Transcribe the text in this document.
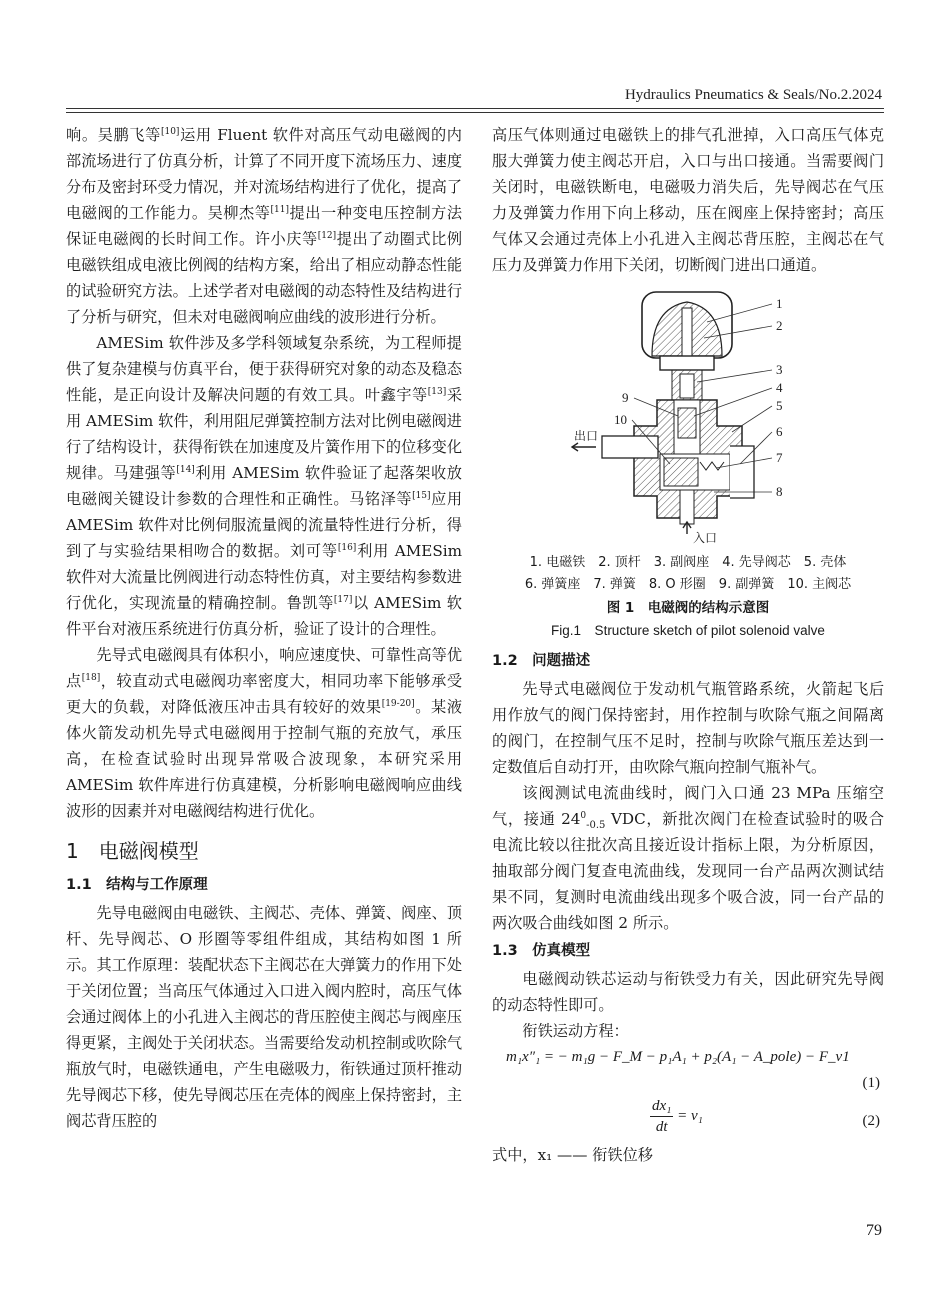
Hydraulics Pneumatics & Seals/No.2.2024

响。吴鹏飞等[10]运用 Fluent 软件对高压气动电磁阀的内部流场进行了仿真分析，计算了不同开度下流场压力、速度分布及密封环受力情况，并对流场结构进行了优化，提高了电磁阀的工作能力。吴柳杰等[11]提出一种变电压控制方法保证电磁阀的长时间工作。许小庆等[12]提出了动圈式比例电磁铁组成电液比例阀的结构方案，给出了相应动静态性能的试验研究方法。上述学者对电磁阀的动态特性及结构进行了分析与研究，但未对电磁阀响应曲线的波形进行分析。

AMESim 软件涉及多学科领域复杂系统，为工程师提供了复杂建模与仿真平台，便于获得研究对象的动态及稳态性能，是正向设计及解决问题的有效工具。叶鑫宇等[13]采用 AMESim 软件，利用阻尼弹簧控制方法对比例电磁阀进行了结构设计，获得衔铁在加速度及片簧作用下的位移变化规律。马建强等[14]利用 AMESim 软件验证了起落架收放电磁阀关键设计参数的合理性和正确性。马铭泽等[15]应用 AMESim 软件对比例伺服流量阀的流量特性进行分析，得到了与实验结果相吻合的数据。刘可等[16]利用 AMESim 软件对大流量比例阀进行动态特性仿真，对主要结构参数进行优化，实现流量的精确控制。鲁凯等[17]以 AMESim 软件平台对液压系统进行仿真分析，验证了设计的合理性。

先导式电磁阀具有体积小，响应速度快、可靠性高等优点[18]，较直动式电磁阀功率密度大，相同功率下能够承受更大的负载，对降低液压冲击具有较好的效果[19-20]。某液体火箭发动机先导式电磁阀用于控制气瓶的充放气，承压高，在检查试验时出现异常吸合波现象，本研究采用 AMESim 软件库进行仿真建模，分析影响电磁阀响应曲线波形的因素并对电磁阀结构进行优化。

1　电磁阀模型

1.1　结构与工作原理

先导电磁阀由电磁铁、主阀芯、壳体、弹簧、阀座、顶杆、先导阀芯、O 形圈等零组件组成，其结构如图 1 所示。其工作原理：装配状态下主阀芯在大弹簧力的作用下处于关闭位置；当高压气体通过入口进入阀内腔时，高压气体会通过阀体上的小孔进入主阀芯的背压腔使主阀芯与阀座压得更紧，主阀处于关闭状态。当需要给发动机控制或吹除气瓶放气时，电磁铁通电，产生电磁吸力，衔铁通过顶杆推动先导阀芯下移，使先导阀芯压在壳体的阀座上保持密封，主阀芯背压腔的

高压气体则通过电磁铁上的排气孔泄掉，入口高压气体克服大弹簧力使主阀芯开启，入口与出口接通。当需要阀门关闭时，电磁铁断电，电磁吸力消失后，先导阀芯在气压力及弹簧力作用下向上移动，压在阀座上保持密封；高压气体又会通过壳体上小孔进入主阀芯背压腔，主阀芯在气压力及弹簧力作用下关闭，切断阀门进出口通道。

1
2
3
4
5
6
7
8
9
10
出口
入口

1. 电磁铁　2. 顶杆　3. 副阀座　4. 先导阀芯　5. 壳体

6. 弹簧座　7. 弹簧　8. O 形圈　9. 副弹簧　10. 主阀芯

图 1　电磁阀的结构示意图

Fig.1　Structure sketch of pilot solenoid valve

1.2　问题描述

先导式电磁阀位于发动机气瓶管路系统，火箭起飞后用作放气的阀门保持密封，用作控制与吹除气瓶之间隔离的阀门，在控制气压不足时，控制与吹除气瓶压差达到一定数值后自动打开，由吹除气瓶向控制气瓶补气。

该阀测试电流曲线时，阀门入口通 23 MPa 压缩空气，接通 $24^0_{-0.5}$ VDC，新批次阀门在检查试验时的吸合电流比较以往批次高且接近设计指标上限，为分析原因，抽取部分阀门复查电流曲线，发现同一台产品两次测试结果不同，复测时电流曲线出现多个吸合波，同一台产品的两次吸合曲线如图 2 所示。

1.3　仿真模型

电磁阀动铁芯运动与衔铁受力有关，因此研究先导阀的动态特性即可。

衔铁运动方程：

m₁x″₁ = − m₁g − F_M − p₁A₁ + p₂(A₁ − A_pole) − F_v1
(1)
$\frac{\text{dx₁}}{dt} = v_1$	(2)

式中，x₁ —— 衔铁位移

79
